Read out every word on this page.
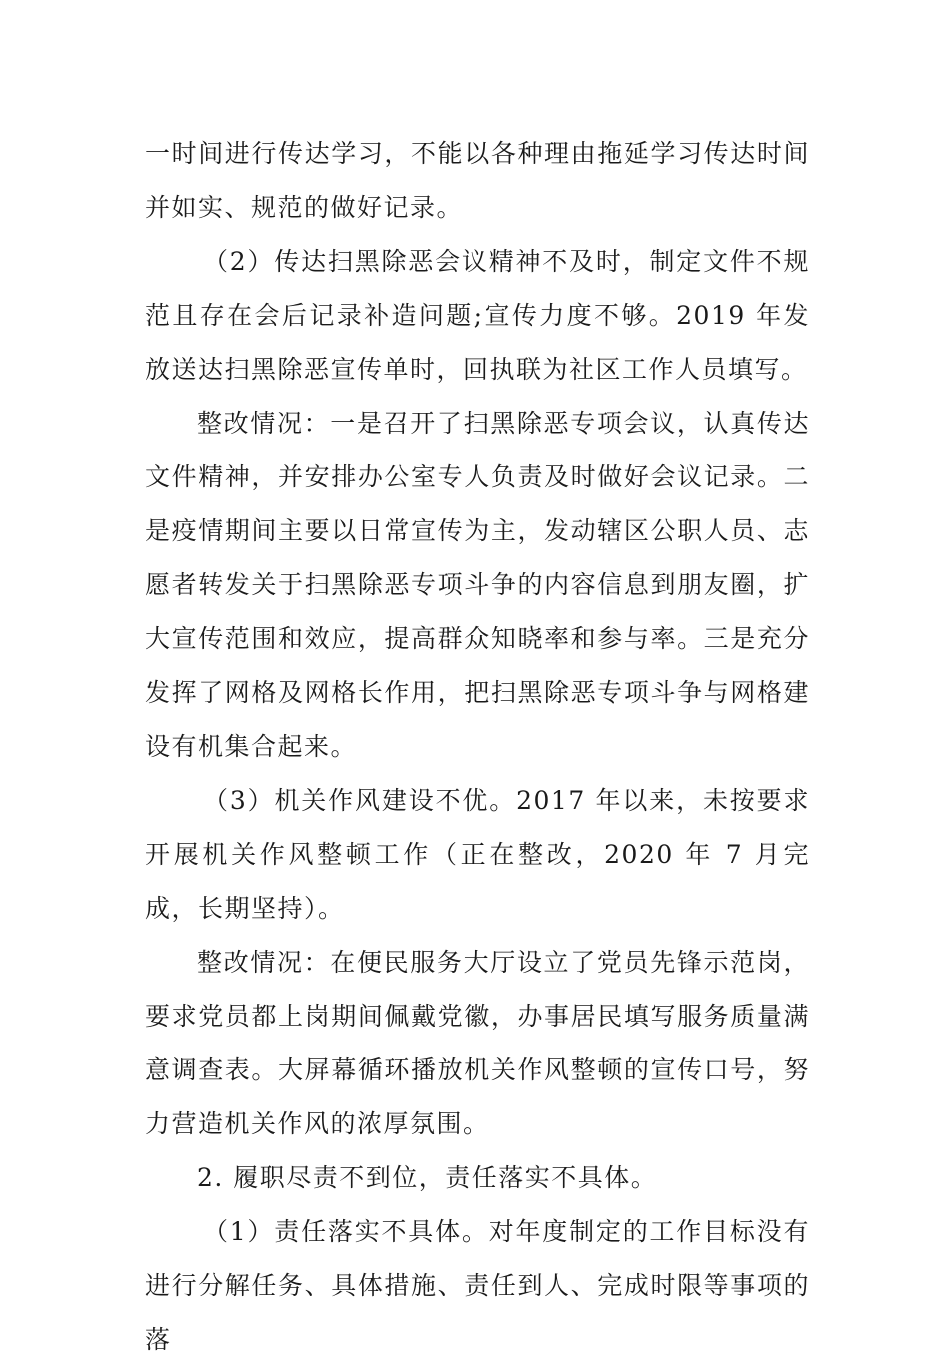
一时间进行传达学习，不能以各种理由拖延学习传达时间并如实、规范的做好记录。

（2）传达扫黑除恶会议精神不及时，制定文件不规范且存在会后记录补造问题;宣传力度不够。2019 年发放送达扫黑除恶宣传单时，回执联为社区工作人员填写。

整改情况：一是召开了扫黑除恶专项会议，认真传达文件精神，并安排办公室专人负责及时做好会议记录。二是疫情期间主要以日常宣传为主，发动辖区公职人员、志愿者转发关于扫黑除恶专项斗争的内容信息到朋友圈，扩大宣传范围和效应，提高群众知晓率和参与率。三是充分发挥了网格及网格长作用，把扫黑除恶专项斗争与网格建设有机集合起来。

（3）机关作风建设不优。2017 年以来，未按要求开展机关作风整顿工作（正在整改，2020 年 7 月完成，长期坚持）。

整改情况：在便民服务大厅设立了党员先锋示范岗，要求党员都上岗期间佩戴党徽，办事居民填写服务质量满意调查表。大屏幕循环播放机关作风整顿的宣传口号，努力营造机关作风的浓厚氛围。

2. 履职尽责不到位，责任落实不具体。

（1）责任落实不具体。对年度制定的工作目标没有进行分解任务、具体措施、责任到人、完成时限等事项的落
